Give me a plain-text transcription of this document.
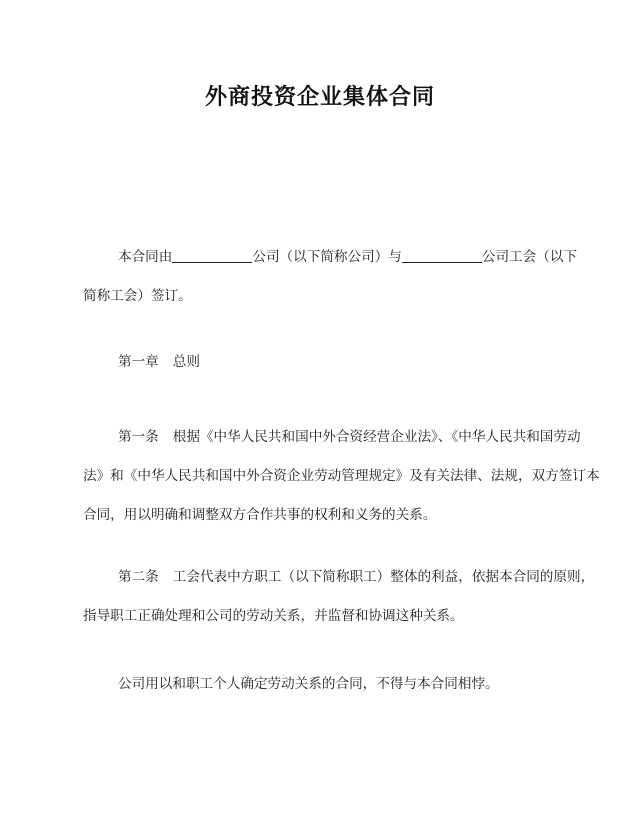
外商投资企业集体合同
本合同由	公司（以下简称公司）与	公司工会（以下
简称工会）签订。
第一章 总则
第一条 根据《中华人民共和国中外合资经营企业法》、《中华人民共和国劳动
法》和《中华人民共和国中外合资企业劳动管理规定》及有关法律、法规，双方签订本
合同，用以明确和调整双方合作共事的权利和义务的关系。
第二条 工会代表中方职工（以下简称职工）整体的利益，依据本合同的原则，
指导职工正确处理和公司的劳动关系，并监督和协调这种关系。
公司用以和职工个人确定劳动关系的合同，不得与本合同相悖。
